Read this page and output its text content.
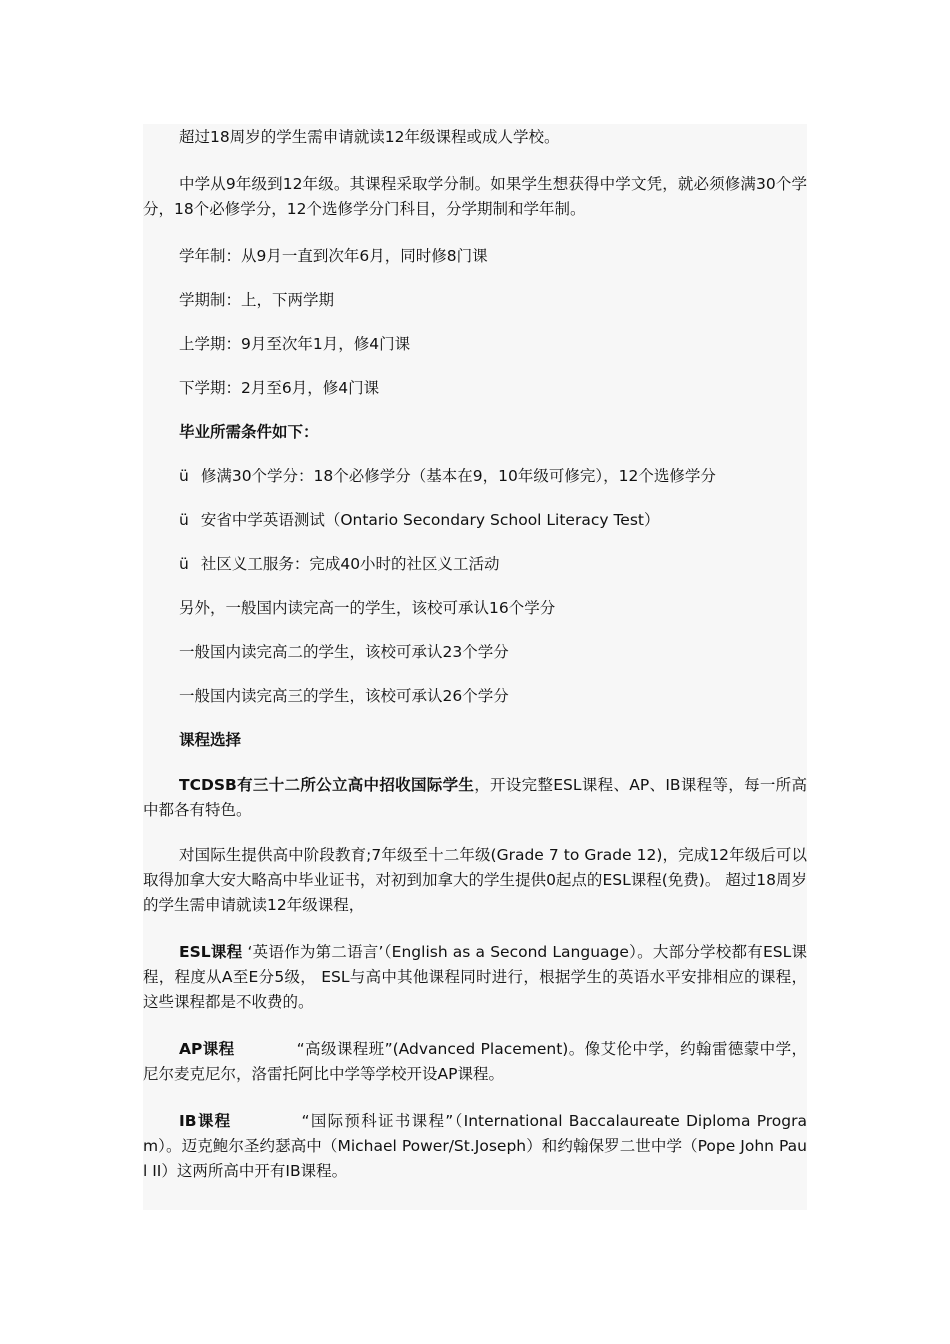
超过18周岁的学生需申请就读12年级课程或成人学校。

中学从9年级到12年级。其课程采取学分制。如果学生想获得中学文凭，就必须修满30个学分，18个必修学分，12个选修学分门科目，分学期制和学年制。

学年制：从9月一直到次年6月，同时修8门课

学期制：上，下两学期

上学期：9月至次年1月，修4门课

下学期：2月至6月，修4门课

毕业所需条件如下：

ü 修满30个学分：18个必修学分（基本在9，10年级可修完），12个选修学分

ü 安省中学英语测试（Ontario Secondary School Literacy Test）

ü 社区义工服务：完成40小时的社区义工活动

另外，一般国内读完高一的学生，该校可承认16个学分

一般国内读完高二的学生，该校可承认23个学分

一般国内读完高三的学生，该校可承认26个学分

课程选择

TCDSB有三十二所公立高中招收国际学生，开设完整ESL课程、AP、IB课程等，每一所高中都各有特色。

对国际生提供高中阶段教育;7年级至十二年级(Grade 7 to Grade 12)，完成12年级后可以取得加拿大安大略高中毕业证书，对初到加拿大的学生提供0起点的ESL课程(免费)。 超过18周岁的学生需申请就读12年级课程，

ESL课程 ‘英语作为第二语言’（English as a Second Language）。大部分学校都有ESL课程，程度从A至E分5级， ESL与高中其他课程同时进行，根据学生的英语水平安排相应的课程，这些课程都是不收费的。

AP课程	“高级课程班”(Advanced Placement)。像艾伦中学，约翰雷德蒙中学，尼尔麦克尼尔，洛雷托阿比中学等学校开设AP课程。

IB课程	“国际预科证书课程”（International Baccalaureate Diploma Program）。迈克鲍尔圣约瑟高中（Michael Power/St.Joseph）和约翰保罗二世中学（Pope John Paul II）这两所高中开有IB课程。
